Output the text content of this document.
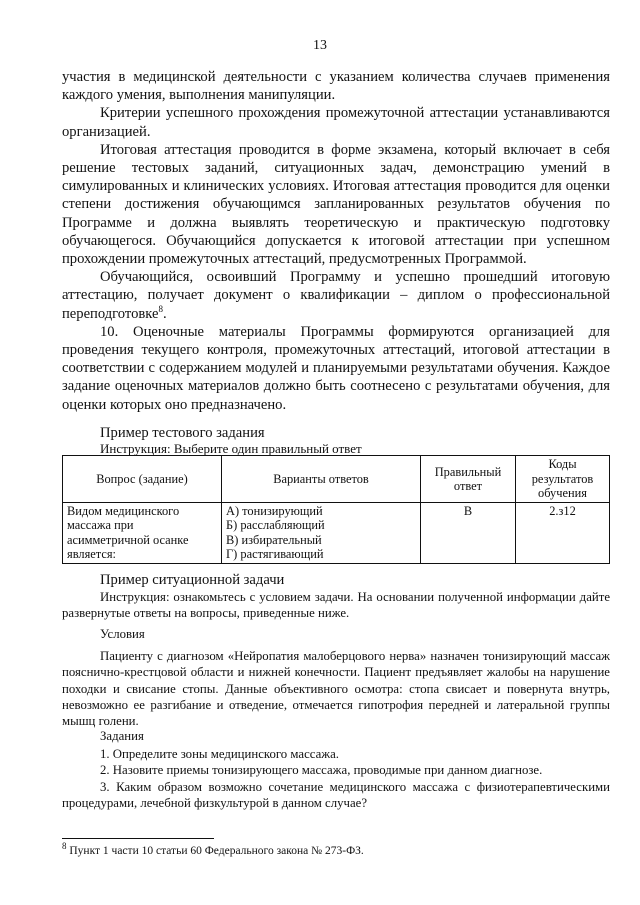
13

участия в медицинской деятельности с указанием количества случаев применения каждого умения, выполнения манипуляции.

Критерии успешного прохождения промежуточной аттестации устанавливаются организацией.

Итоговая аттестация проводится в форме экзамена, который включает в себя решение тестовых заданий, ситуационных задач, демонстрацию умений в симулированных и клинических условиях. Итоговая аттестация проводится для оценки степени достижения обучающимся запланированных результатов обучения по Программе и должна выявлять теоретическую и практическую подготовку обучающегося. Обучающийся допускается к итоговой аттестации при успешном прохождении промежуточных аттестаций, предусмотренных Программой.

Обучающийся, освоивший Программу и успешно прошедший итоговую аттестацию, получает документ о квалификации – диплом о профессиональной переподготовке$^8$.

10. Оценочные материалы Программы формируются организацией для проведения текущего контроля, промежуточных аттестаций, итоговой аттестации в соответствии с содержанием модулей и планируемыми результатами обучения. Каждое задание оценочных материалов должно быть соотнесено с результатами обучения, для оценки которых оно предназначено.

Пример тестового задания
Инструкция: Выберите один правильный ответ
Вопрос (задание)	Варианты ответов	Правильный ответ	Коды результатов обучения
Видом медицинского массажа при асимметричной осанке является:	А) тонизирующий
Б) расслабляющий
В) избирательный
Г) растягивающий	В	2.з12
Пример ситуационной задачи

Инструкция: ознакомьтесь с условием задачи. На основании полученной информации дайте развернутые ответы на вопросы, приведенные ниже.

Условия

Пациенту с диагнозом «Нейропатия малоберцового нерва» назначен тонизирующий массаж пояснично-крестцовой области и нижней конечности. Пациент предъявляет жалобы на нарушение походки и свисание стопы. Данные объективного осмотра: стопа свисает и повернута внутрь, невозможно ее разгибание и отведение, отмечается гипотрофия передней и латеральной группы мышц голени.

Задания

1. Определите зоны медицинского массажа.

2. Назовите приемы тонизирующего массажа, проводимые при данном диагнозе.

3. Каким образом возможно сочетание медицинского массажа с физиотерапевтическими процедурами, лечебной физкультурой в данном случае?

$^8$ Пункт 1 части 10 статьи 60 Федерального закона № 273-ФЗ.
